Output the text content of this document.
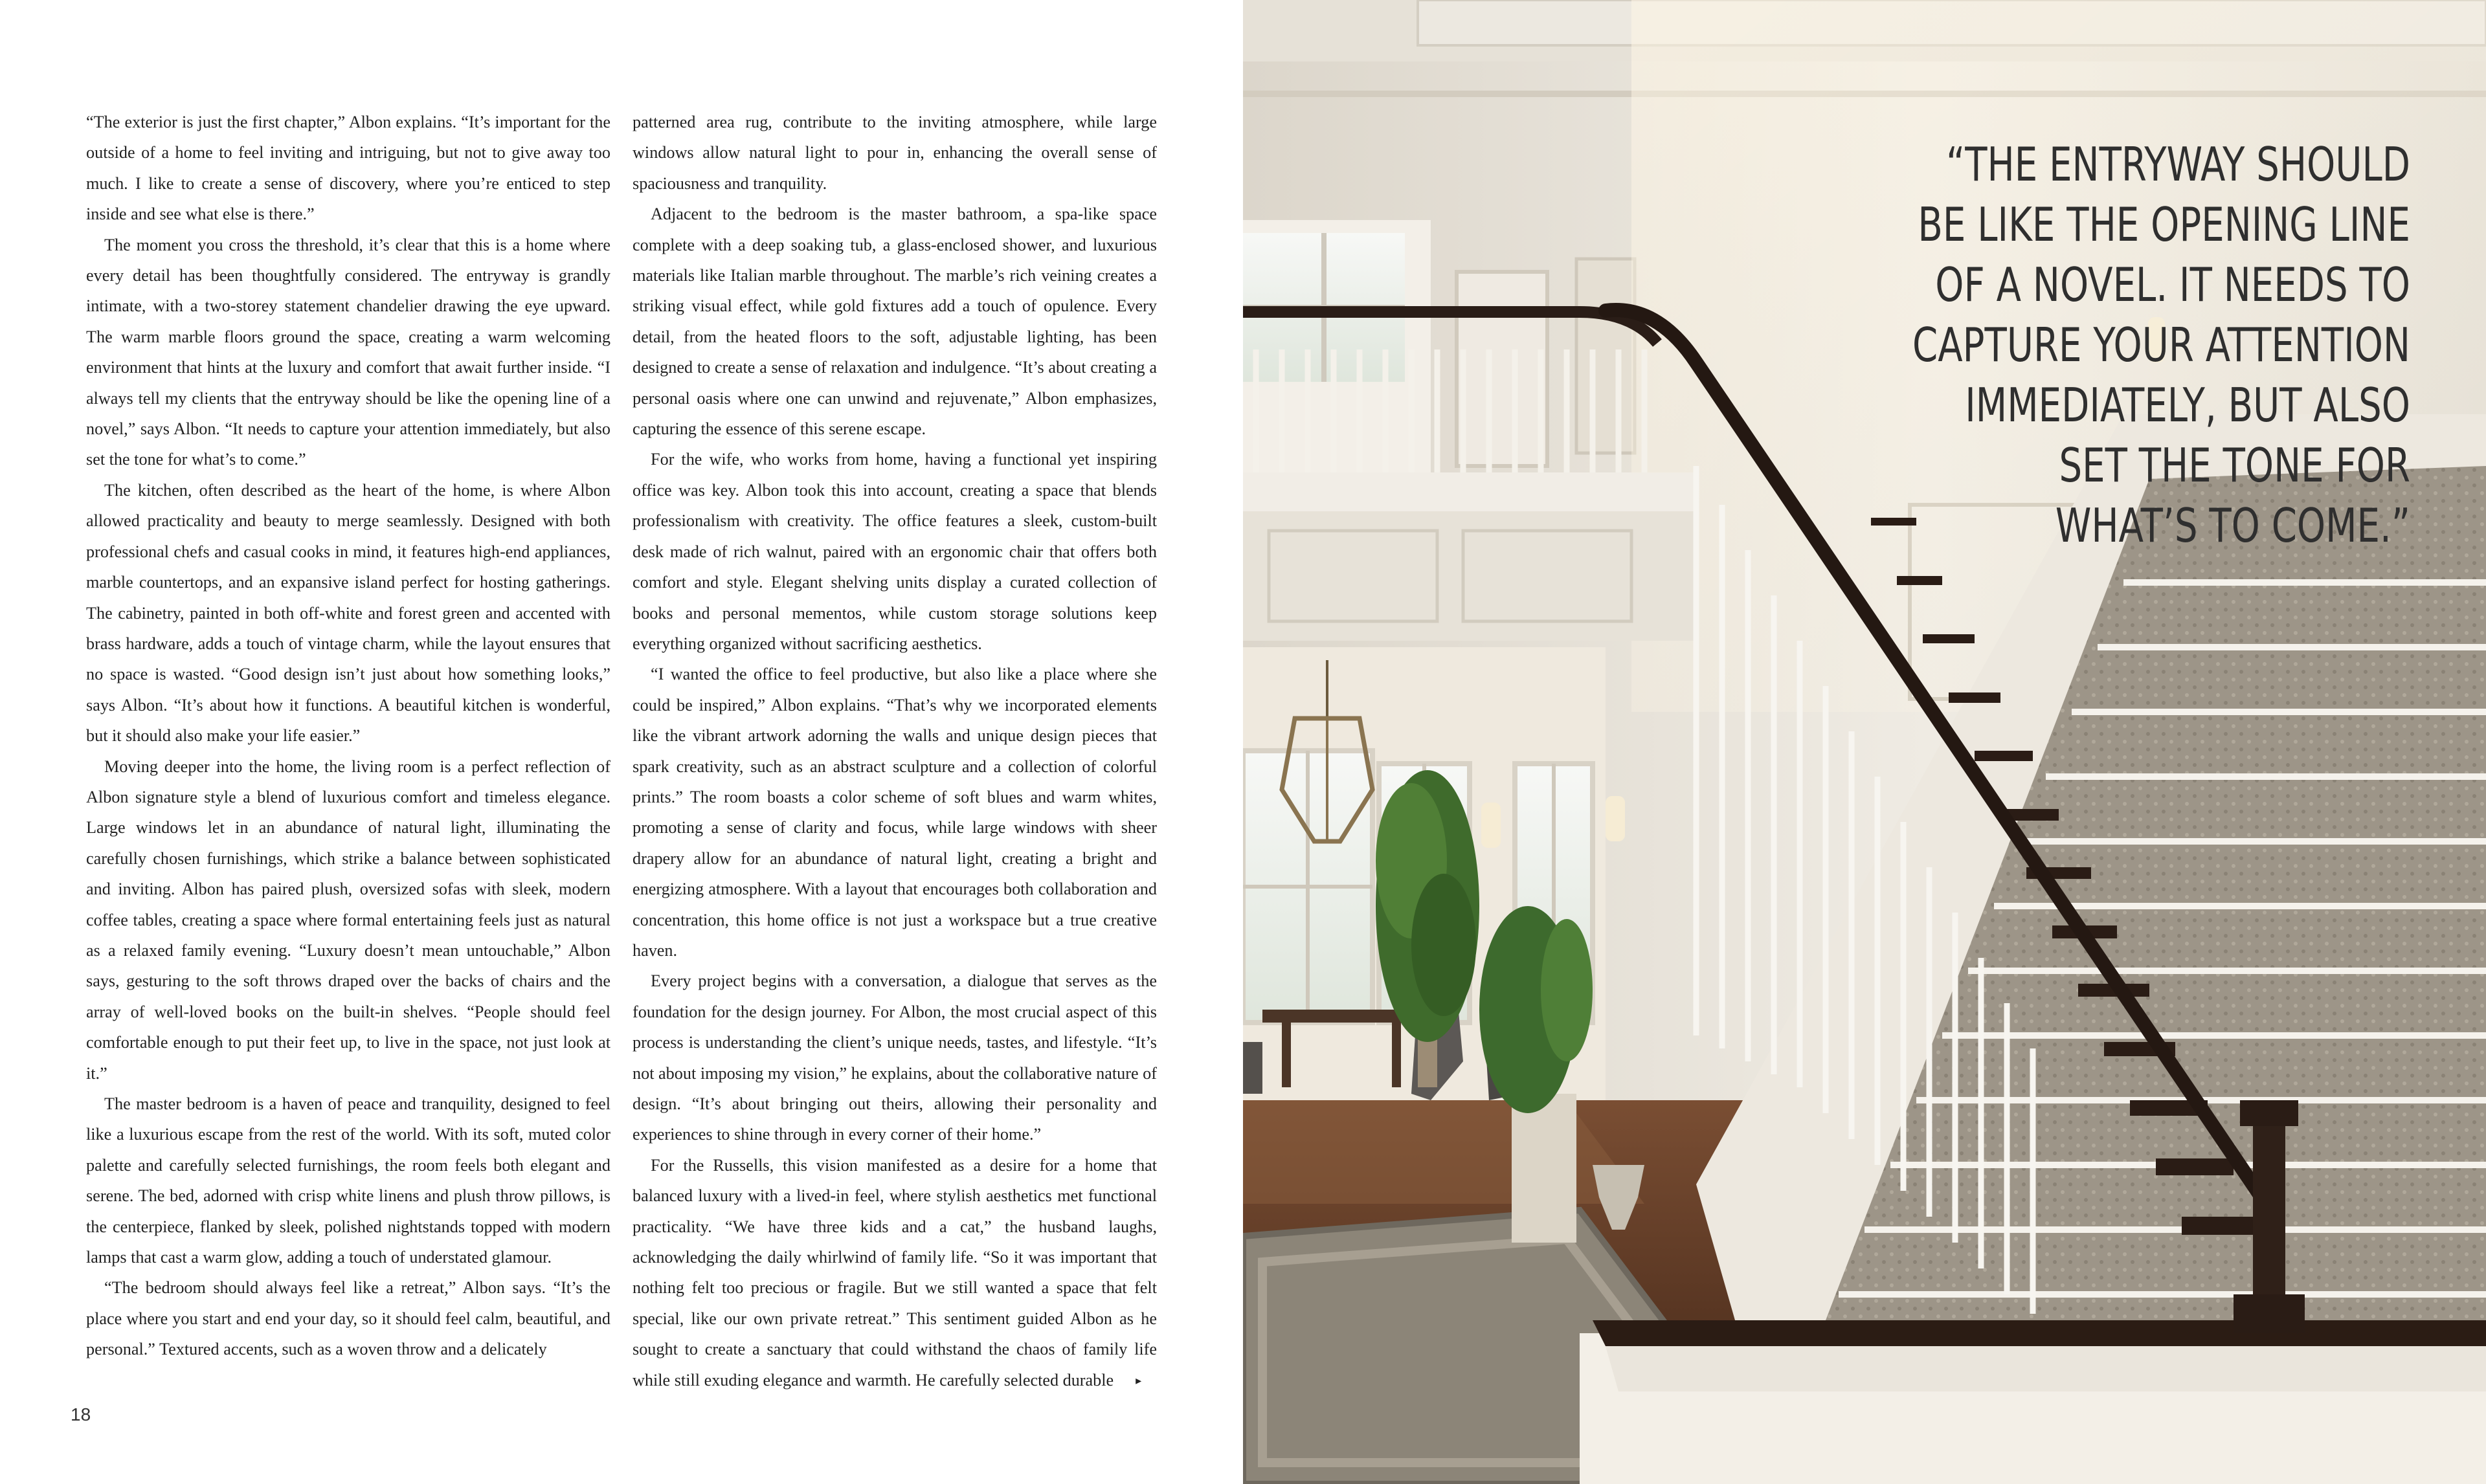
“The exterior is just the first chapter,” Albon explains. “It’s important for the outside of a home to feel inviting and intriguing, but not to give away too much. I like to create a sense of discovery, where you’re enticed to step inside and see what else is there.”

The moment you cross the threshold, it’s clear that this is a home where every detail has been thoughtfully considered. The entryway is grandly intimate, with a two-storey statement chandelier drawing the eye upward. The warm marble floors ground the space, creating a warm welcoming environment that hints at the luxury and comfort that await further inside. “I always tell my clients that the entryway should be like the opening line of a novel,” says Albon. “It needs to capture your attention immediately, but also set the tone for what’s to come.”

The kitchen, often described as the heart of the home, is where Albon allowed practicality and beauty to merge seamlessly. Designed with both professional chefs and casual cooks in mind, it features high-end appliances, marble countertops, and an expansive island perfect for hosting gatherings. The cabinetry, painted in both off-white and forest green and accented with brass hardware, adds a touch of vintage charm, while the layout ensures that no space is wasted. “Good design isn’t just about how something looks,” says Albon. “It’s about how it functions. A beautiful kitchen is wonderful, but it should also make your life easier.”

Moving deeper into the home, the living room is a perfect reflection of Albon signature style a blend of luxurious comfort and timeless elegance. Large windows let in an abundance of natural light, illuminating the carefully chosen furnishings, which strike a balance between sophisticated and inviting. Albon has paired plush, oversized sofas with sleek, modern coffee tables, creating a space where formal entertaining feels just as natural as a relaxed family evening. “Luxury doesn’t mean untouchable,” Albon says, gesturing to the soft throws draped over the backs of chairs and the array of well-loved books on the built-in shelves. “People should feel comfortable enough to put their feet up, to live in the space, not just look at it.”

The master bedroom is a haven of peace and tranquility, designed to feel like a luxurious escape from the rest of the world. With its soft, muted color palette and carefully selected furnishings, the room feels both elegant and serene. The bed, adorned with crisp white linens and plush throw pillows, is the centerpiece, flanked by sleek, polished nightstands topped with modern lamps that cast a warm glow, adding a touch of understated glamour.

“The bedroom should always feel like a retreat,” Albon says. “It’s the place where you start and end your day, so it should feel calm, beautiful, and personal.” Textured accents, such as a woven throw and a delicately

patterned area rug, contribute to the inviting atmosphere, while large windows allow natural light to pour in, enhancing the overall sense of spaciousness and tranquility.

Adjacent to the bedroom is the master bathroom, a spa-like space complete with a deep soaking tub, a glass-enclosed shower, and luxurious materials like Italian marble throughout. The marble’s rich veining creates a striking visual effect, while gold fixtures add a touch of opulence. Every detail, from the heated floors to the soft, adjustable lighting, has been designed to create a sense of relaxation and indulgence. “It’s about creating a personal oasis where one can unwind and rejuvenate,” Albon emphasizes, capturing the essence of this serene escape.

For the wife, who works from home, having a functional yet inspiring office was key. Albon took this into account, creating a space that blends professionalism with creativity. The office features a sleek, custom-built desk made of rich walnut, paired with an ergonomic chair that offers both comfort and style. Elegant shelving units display a curated collection of books and personal mementos, while custom storage solutions keep everything organized without sacrificing aesthetics.

“I wanted the office to feel productive, but also like a place where she could be inspired,” Albon explains. “That’s why we incorporated elements like the vibrant artwork adorning the walls and unique design pieces that spark creativity, such as an abstract sculpture and a collection of colorful prints.” The room boasts a color scheme of soft blues and warm whites, promoting a sense of clarity and focus, while large windows with sheer drapery allow for an abundance of natural light, creating a bright and energizing atmosphere. With a layout that encourages both collaboration and concentration, this home office is not just a workspace but a true creative haven.

Every project begins with a conversation, a dialogue that serves as the foundation for the design journey. For Albon, the most crucial aspect of this process is understanding the client’s unique needs, tastes, and lifestyle. “It’s not about imposing my vision,” he explains, about the collaborative nature of design. “It’s about bringing out theirs, allowing their personality and experiences to shine through in every corner of their home.”

For the Russells, this vision manifested as a desire for a home that balanced luxury with a lived-in feel, where stylish aesthetics met functional practicality. “We have three kids and a cat,” the husband laughs, acknowledging the daily whirlwind of family life. “So it was important that nothing felt too precious or fragile. But we still wanted a space that felt special, like our own private retreat.” This sentiment guided Albon as he sought to create a sanctuary that could withstand the chaos of family life while still exuding elegance and warmth. He carefully selected durable ▸

18
“THE ENTRYWAY SHOULD BE LIKE THE OPENING LINE OF A NOVEL. IT NEEDS TO CAPTURE YOUR ATTENTION IMMEDIATELY, BUT ALSO SET THE TONE FOR WHAT’S TO COME.”
